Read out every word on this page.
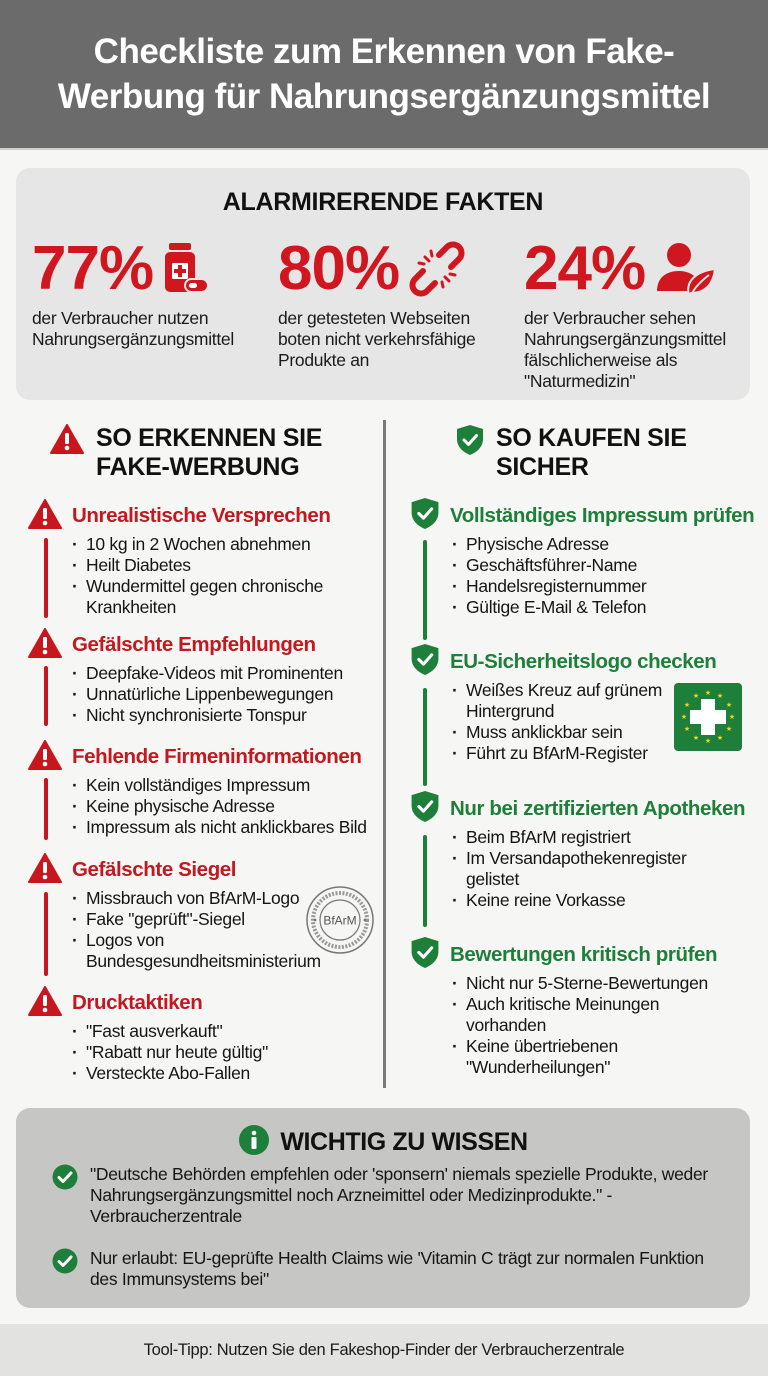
Checkliste zum Erkennen von Fake-Werbung für Nahrungsergänzungsmittel
ALARMIRERENDE FAKTEN
77%
der Verbraucher nutzen Nahrungsergänzungsmittel
80%
der getesteten Webseiten boten nicht verkehrsfähige Produkte an
24%
der Verbraucher sehen Nahrungsergänzungsmittel fälschlicherweise als "Naturmedizin"
SO ERKENNEN SIE
FAKE-WERBUNG
Unrealistische Versprechen
· 10 kg in 2 Wochen abnehmen
· Heilt Diabetes
· Wundermittel gegen chronische Krankheiten
Gefälschte Empfehlungen
· Deepfake-Videos mit Prominenten
· Unnatürliche Lippenbewegungen
· Nicht synchronisierte Tonspur
Fehlende Firmeninformationen
· Kein vollständiges Impressum
· Keine physische Adresse
· Impressum als nicht anklickbares Bild
Gefälschte Siegel
· Missbrauch von BfArM-Logo
· Fake "geprüft"-Siegel
· Logos von Bundesgesundheitsministerium
BfArM
Drucktaktiken
· "Fast ausverkauft"
· "Rabatt nur heute gültig"
· Versteckte Abo-Fallen
SO KAUFEN SIE
SICHER
Vollständiges Impressum prüfen
· Physische Adresse
· Geschäftsführer-Name
· Handelsregisternummer
· Gültige E-Mail & Telefon
EU-Sicherheitslogo checken
· Weißes Kreuz auf grünem Hintergrund
· Muss anklickbar sein
· Führt zu BfArM-Register
★ ★
★
★
★
★
★
★
★
★
★
★
Nur bei zertifizierten Apotheken
· Beim BfArM registriert
· Im Versandapothekenregister gelistet
· Keine reine Vorkasse
Bewertungen kritisch prüfen
· Nicht nur 5-Sterne-Bewertungen
· Auch kritische Meinungen vorhanden
· Keine übertriebenen "Wunderheilungen"
WICHTIG ZU WISSEN
"Deutsche Behörden empfehlen oder 'sponsern' niemals spezielle Produkte, weder Nahrungsergänzungsmittel noch Arzneimittel oder Medizinprodukte." - Verbraucherzentrale
Nur erlaubt: EU-geprüfte Health Claims wie 'Vitamin C trägt zur normalen Funktion des Immunsystems bei"
Tool-Tipp: Nutzen Sie den Fakeshop-Finder der Verbraucherzentrale
